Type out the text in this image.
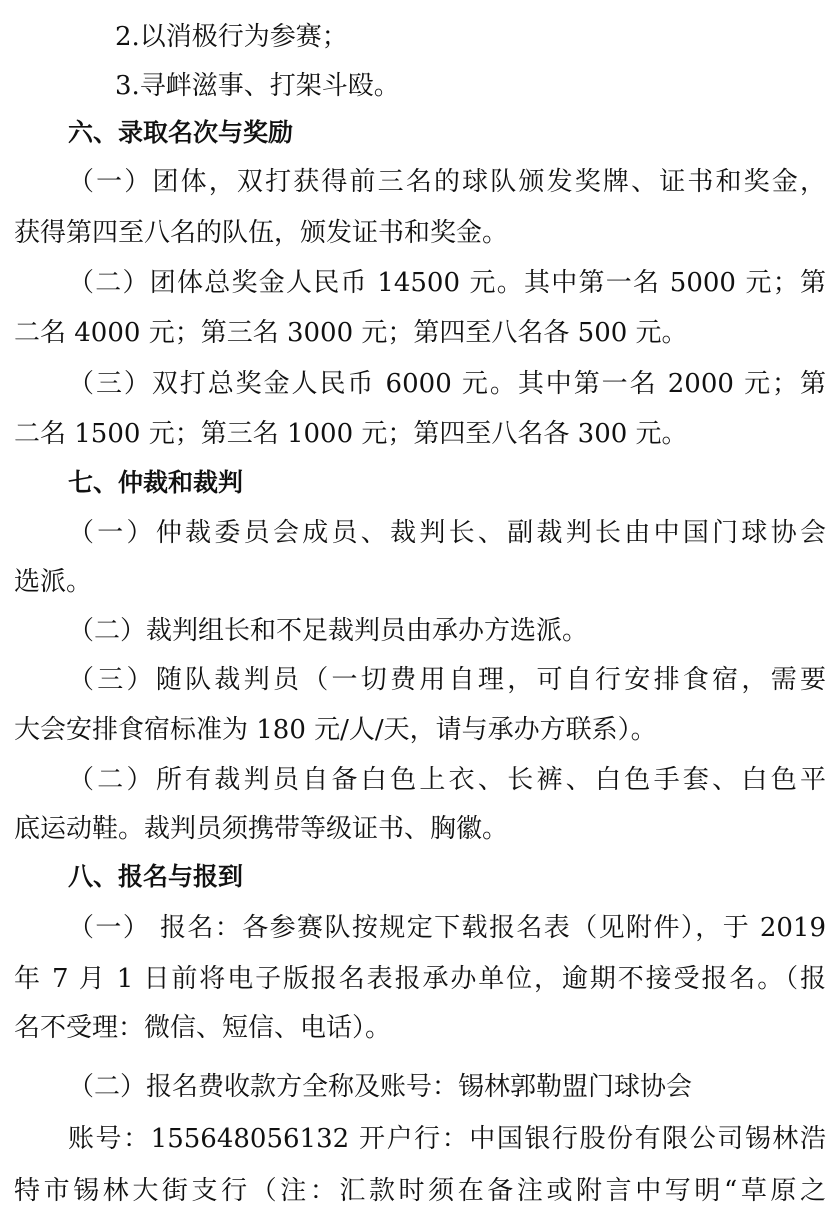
2.以消极行为参赛；
3.寻衅滋事、打架斗殴。
六、录取名次与奖励
（一）团体，双打获得前三名的球队颁发奖牌、证书和奖金，
获得第四至八名的队伍，颁发证书和奖金。
（二）团体总奖金人民币 14500 元。其中第一名 5000 元；第
二名 4000 元；第三名 3000 元；第四至八名各 500 元。
（三）双打总奖金人民币 6000 元。其中第一名 2000 元；第
二名 1500 元；第三名 1000 元；第四至八名各 300 元。
七、仲裁和裁判
（一）仲裁委员会成员、裁判长、副裁判长由中国门球协会
选派。
（二）裁判组长和不足裁判员由承办方选派。
（三）随队裁判员（一切费用自理，可自行安排食宿，需要
大会安排食宿标准为 180 元/人/天，请与承办方联系）。
（二）所有裁判员自备白色上衣、长裤、白色手套、白色平
底运动鞋。裁判员须携带等级证书、胸徽。
八、报名与报到
（一） 报名：各参赛队按规定下载报名表（见附件），于 2019
年 7 月 1 日前将电子版报名表报承办单位，逾期不接受报名。（报
名不受理：微信、短信、电话）。
（二）报名费收款方全称及账号：锡林郭勒盟门球协会
账号：155648056132 开户行：中国银行股份有限公司锡林浩
特市锡林大街支行（注：汇款时须在备注或附言中写明“草原之
